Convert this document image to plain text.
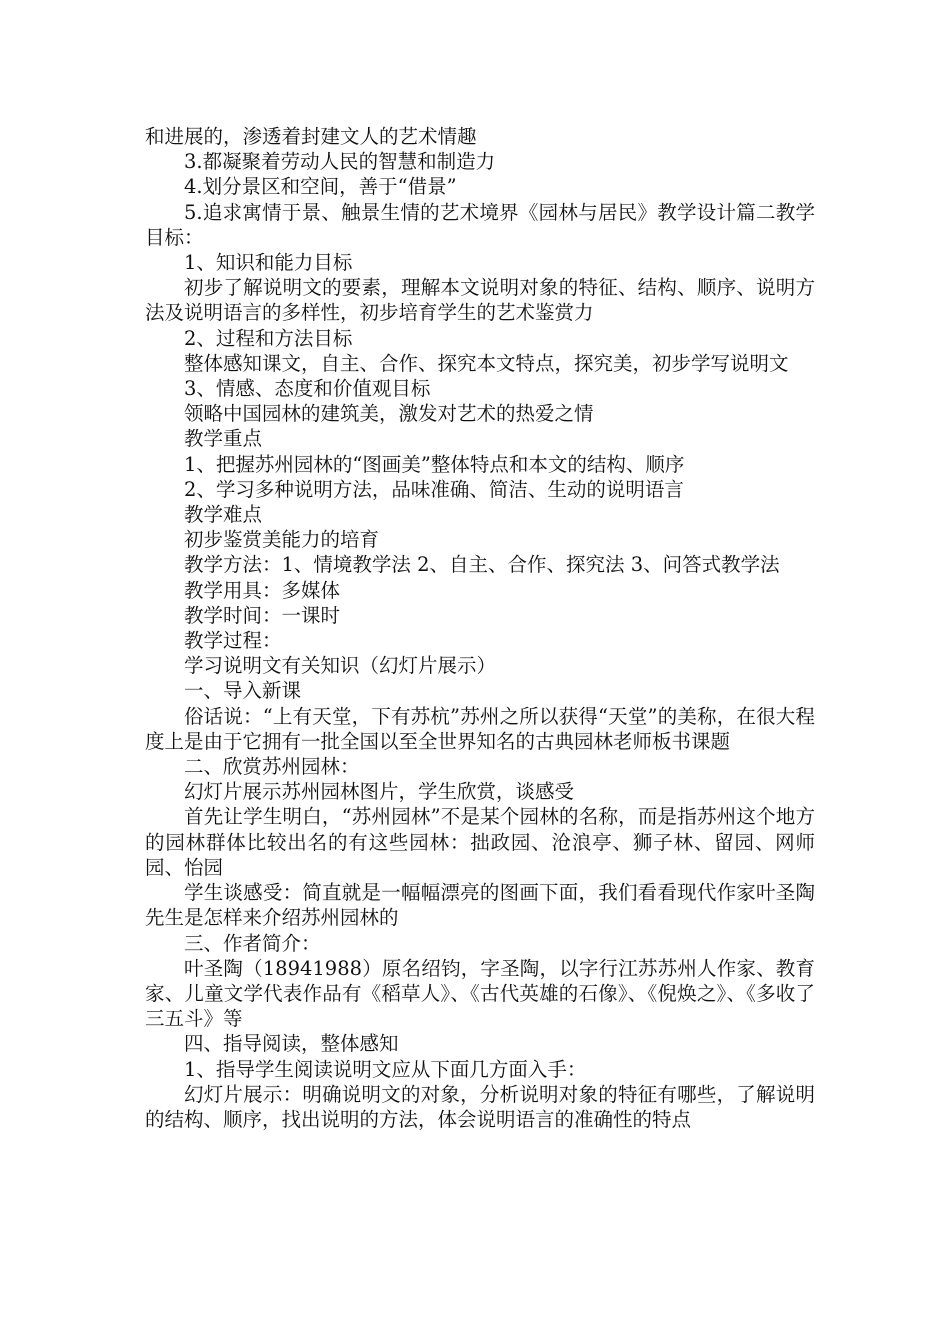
和进展的，渗透着封建文人的艺术情趣

3.都凝聚着劳动人民的智慧和制造力

4.划分景区和空间，善于“借景”

5.追求寓情于景、触景生情的艺术境界《园林与居民》教学设计篇二教学目标：

1、知识和能力目标

初步了解说明文的要素，理解本文说明对象的特征、结构、顺序、说明方法及说明语言的多样性，初步培育学生的艺术鉴赏力

2、过程和方法目标

整体感知课文，自主、合作、探究本文特点，探究美，初步学写说明文

3、情感、态度和价值观目标

领略中国园林的建筑美，激发对艺术的热爱之情

教学重点

1、把握苏州园林的“图画美”整体特点和本文的结构、顺序

2、学习多种说明方法，品味准确、简洁、生动的说明语言

教学难点

初步鉴赏美能力的培育

教学方法：1、情境教学法 2、自主、合作、探究法 3、问答式教学法

教学用具：多媒体

教学时间：一课时

教学过程：

学习说明文有关知识（幻灯片展示）

一、导入新课

俗话说：“上有天堂，下有苏杭”苏州之所以获得“天堂”的美称，在很大程度上是由于它拥有一批全国以至全世界知名的古典园林老师板书课题

二、欣赏苏州园林：

幻灯片展示苏州园林图片，学生欣赏，谈感受

首先让学生明白，“苏州园林”不是某个园林的名称，而是指苏州这个地方的园林群体比较出名的有这些园林：拙政园、沧浪亭、狮子林、留园、网师园、怡园

学生谈感受：简直就是一幅幅漂亮的图画下面，我们看看现代作家叶圣陶先生是怎样来介绍苏州园林的

三、作者简介：

叶圣陶（18941988）原名绍钧，字圣陶，以字行江苏苏州人作家、教育家、儿童文学代表作品有《稻草人》、《古代英雄的石像》、《倪焕之》、《多收了三五斗》等

四、指导阅读，整体感知

1、指导学生阅读说明文应从下面几方面入手：

幻灯片展示：明确说明文的对象，分析说明对象的特征有哪些，了解说明的结构、顺序，找出说明的方法，体会说明语言的准确性的特点
